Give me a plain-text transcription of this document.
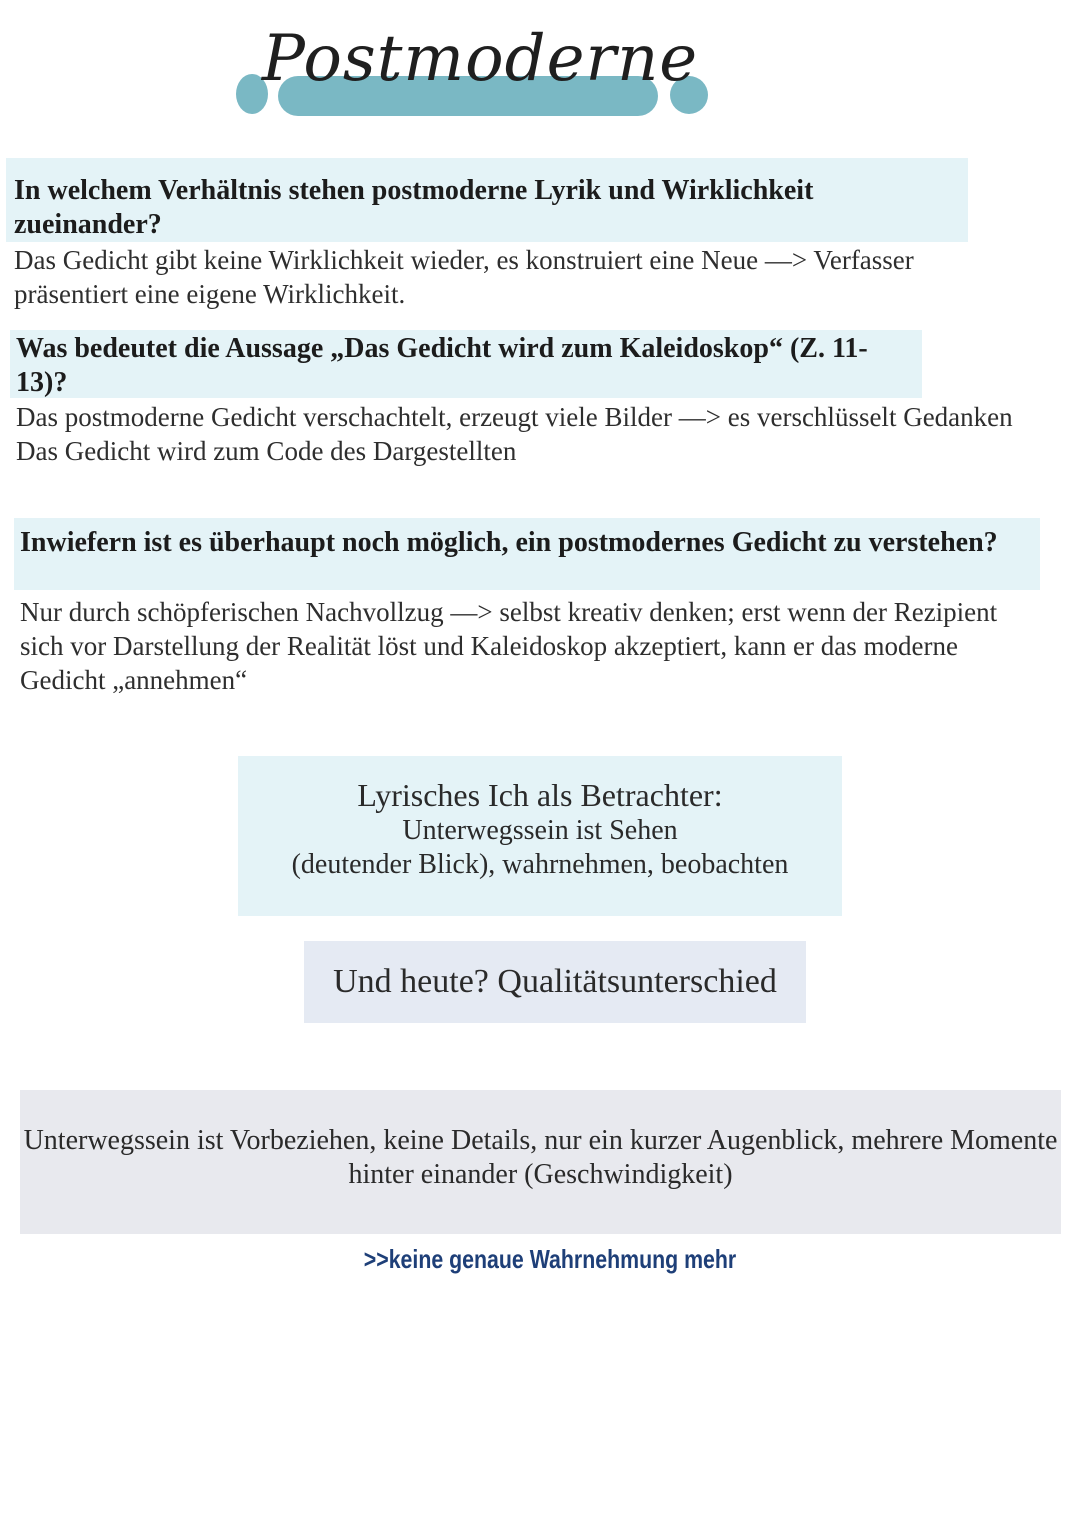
Postmoderne
In welchem Verhältnis stehen postmoderne Lyrik und Wirklichkeit zueinander?
Das Gedicht gibt keine Wirklichkeit wieder, es konstruiert eine Neue —> Verfasser präsentiert eine eigene Wirklichkeit.
Was bedeutet die Aussage „Das Gedicht wird zum Kaleidoskop“ (Z. 11-13)?
Das postmoderne Gedicht verschachtelt, erzeugt viele Bilder —> es verschlüsselt Gedanken
Das Gedicht wird zum Code des Dargestellten
Inwiefern ist es überhaupt noch möglich, ein postmodernes Gedicht zu verstehen?
Nur durch schöpferischen Nachvollzug —> selbst kreativ denken; erst wenn der Rezipient sich vor Darstellung der Realität löst und Kaleidoskop akzeptiert, kann er das moderne Gedicht „annehmen“
Lyrisches Ich als Betrachter:
Unterwegssein ist Sehen
(deutender Blick), wahrnehmen, beobachten
Und heute? Qualitätsunterschied
Unterwegssein ist Vorbeziehen, keine Details, nur ein kurzer Augenblick, mehrere Momente hinter einander (Geschwindigkeit)
>>keine genaue Wahrnehmung mehr
